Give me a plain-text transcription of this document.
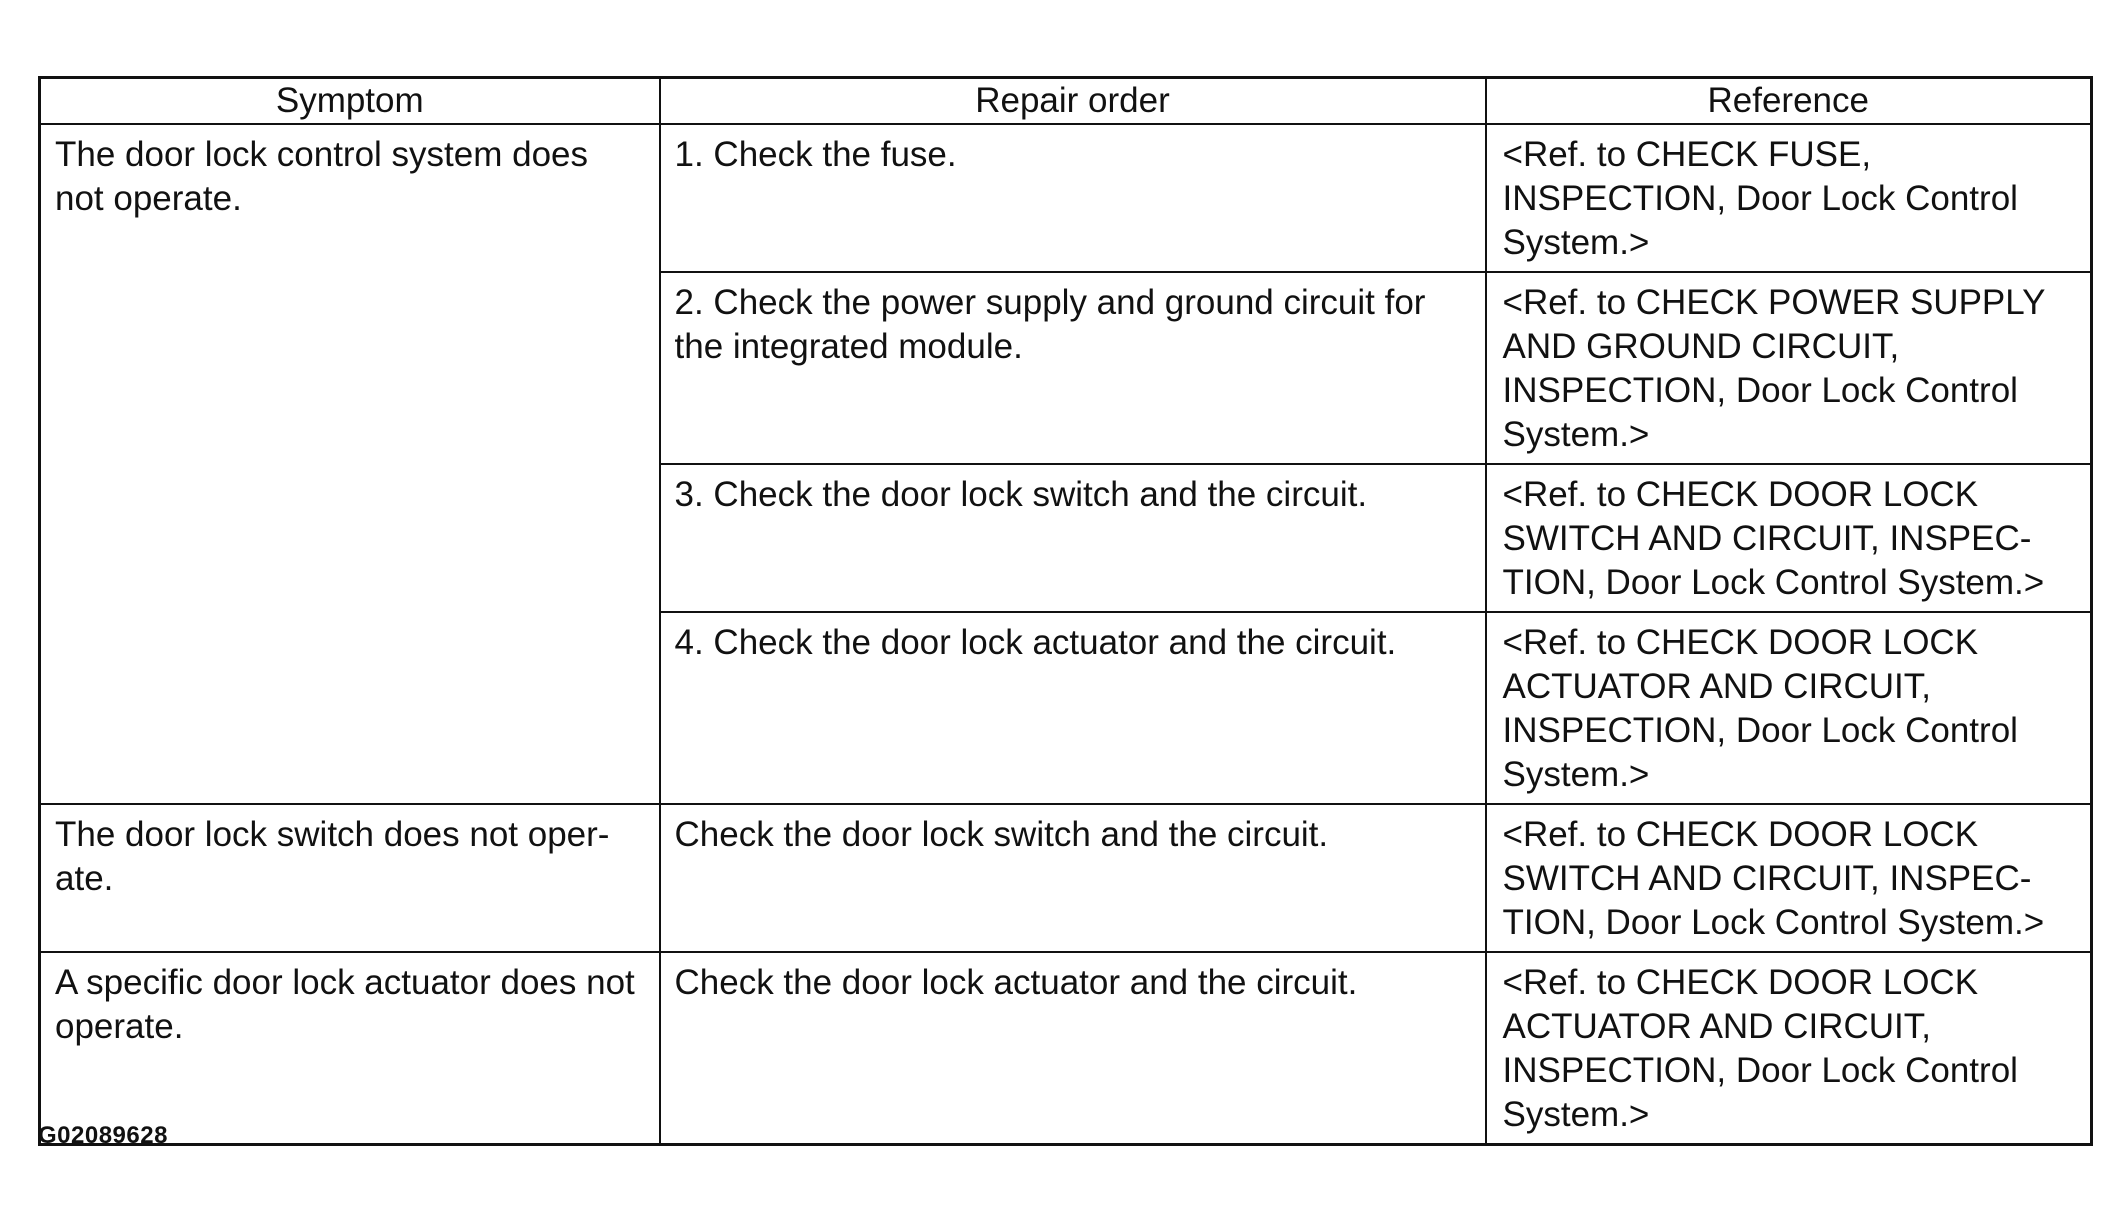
Symptom	Repair order	Reference
The door lock control system does not operate.	1. Check the fuse.	<Ref. to CHECK FUSE, INSPECTION, Door Lock Control System.>
	2. Check the power supply and ground circuit for the integrated module.	<Ref. to CHECK POWER SUPPLY AND GROUND CIRCUIT, INSPECTION, Door Lock Control System.>
	3. Check the door lock switch and the circuit.	<Ref. to CHECK DOOR LOCK SWITCH AND CIRCUIT, INSPEC-TION, Door Lock Control System.>
	4. Check the door lock actuator and the circuit.	<Ref. to CHECK DOOR LOCK ACTUATOR AND CIRCUIT, INSPECTION, Door Lock Control System.>
The door lock switch does not oper-ate.	Check the door lock switch and the circuit.	<Ref. to CHECK DOOR LOCK SWITCH AND CIRCUIT, INSPEC-TION, Door Lock Control System.>
A specific door lock actuator does not operate.	Check the door lock actuator and the circuit.	<Ref. to CHECK DOOR LOCK ACTUATOR AND CIRCUIT, INSPECTION, Door Lock Control System.>
G02089628
